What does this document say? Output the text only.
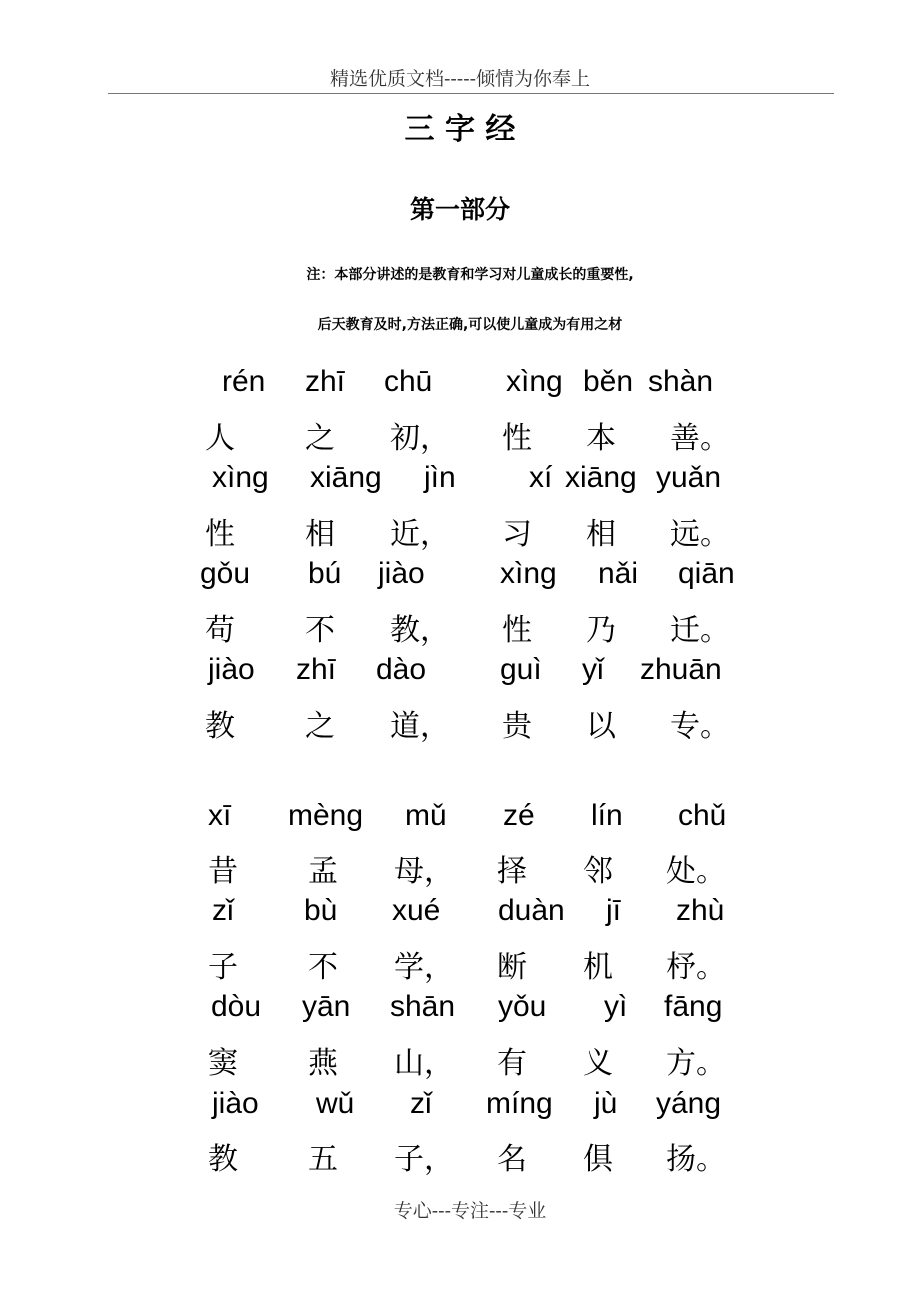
精选优质文档-----倾情为你奉上
三 字 经
第一部分
注：本部分讲述的是教育和学习对儿童成长的重要性,
后天教育及时,方法正确,可以使儿童成为有用之材
rén zhī chū xìng běn shàn
人 之 初， 性 本 善。
xìng xiāng jìn xí xiāng yuǎn
性 相 近， 习 相 远。
gǒu bú jiào	xìng nǎi qiān
苟 不 教， 性 乃 迁。
jiào zhī dào guì yǐ zhuān
教 之 道， 贵 以 专。
xī mèng mǔ zé lín chǔ
昔 孟 母， 择 邻 处。
zǐ bù xué duàn jī zhù
子 不 学， 断 机 杼。
dòu yān shān yǒu yì fāng
窦 燕 山， 有 义 方。
jiào wǔ zǐ míng jù yáng
教 五 子， 名 俱 扬。
专心---专注---专业
